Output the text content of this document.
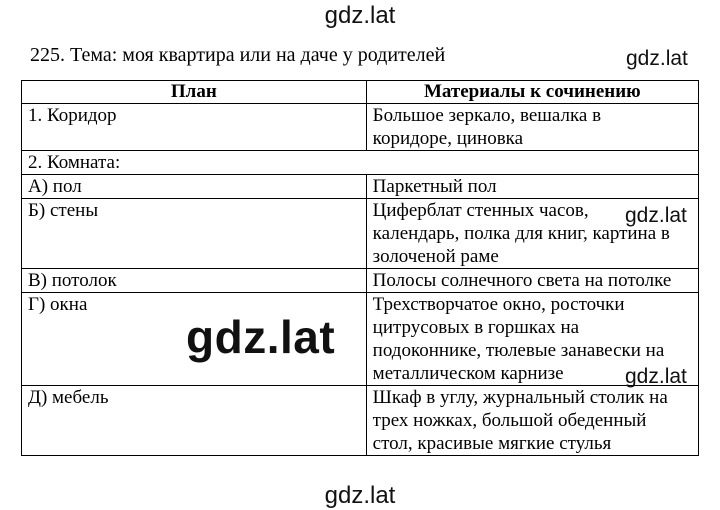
gdz.lat
225. Тема: моя квартира или на даче у родителей	gdz.lat
План	Материалы к сочинению
1. Коридор	Большое зеркало, вешалка в
коридоре, циновка

2. Комната:	
А) пол	Паркетный пол

Б) стены	Циферблат стенных часов,
календарь, полка для книг, картина в
золоченой раме

В) потолок	Полосы солнечного света на потолке

Г) окна	Трехстворчатое окно, росточки
цитрусовых в горшках на
подоконнике, тюлевые занавески на
металлическом карнизе

Д) мебель	Шкаф в углу, журнальный столик на
трех ножках, большой обеденный
стол, красивые мягкие стулья
gdz.lat
gdz.lat
gdz.lat
gdz.lat
